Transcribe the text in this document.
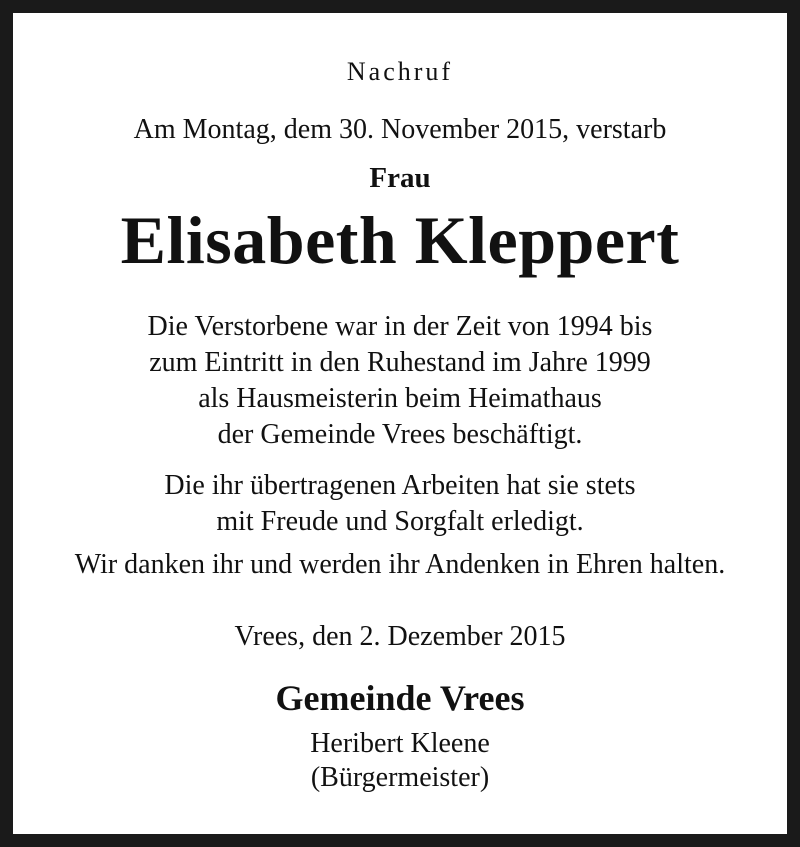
Nachruf

Am Montag, dem 30. November 2015, verstarb

Frau

Elisabeth Kleppert

Die Verstorbene war in der Zeit von 1994 bis
zum Eintritt in den Ruhestand im Jahre 1999
als Hausmeisterin beim Heimathaus
der Gemeinde Vrees beschäftigt.
Die ihr übertragenen Arbeiten hat sie stets
mit Freude und Sorgfalt erledigt.
Wir danken ihr und werden ihr Andenken in Ehren halten.

Vrees, den 2. Dezember 2015

Gemeinde Vrees

Heribert Kleene

(Bürgermeister)
